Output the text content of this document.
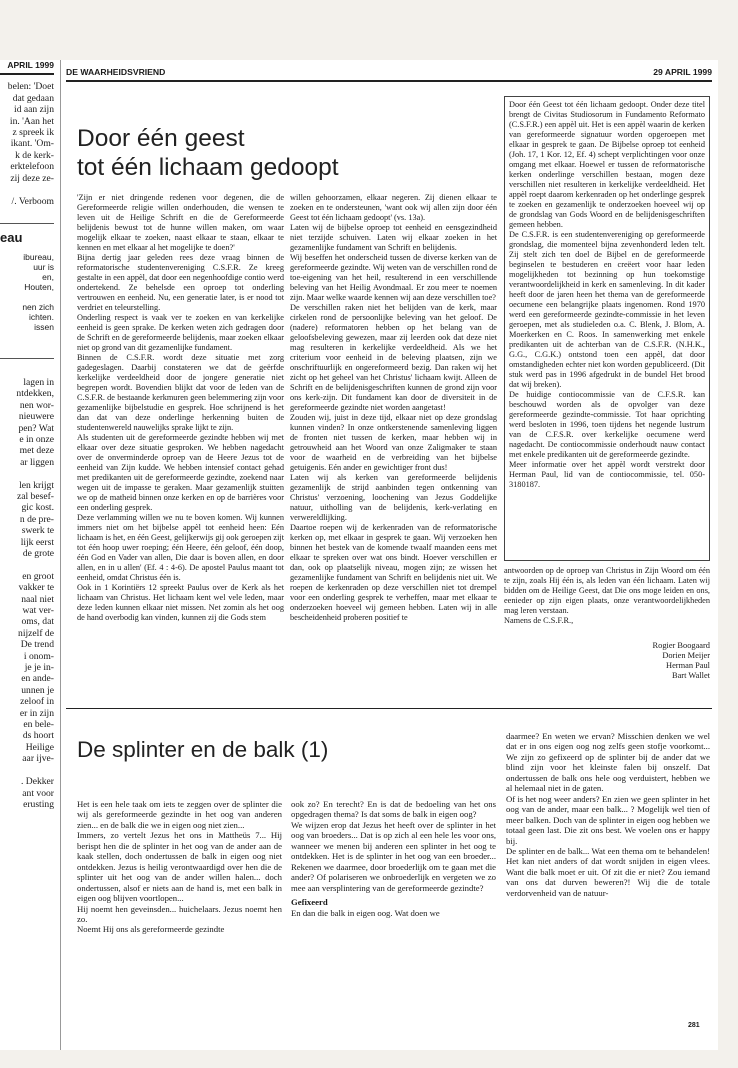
APRIL 1999
belen: 'Doet
dat gedaan
id aan zijn
in. 'Aan het
z spreek ik
ikant. 'Om-
k de kerk-
erktelefoon
zij deze ze-
/. Verboom
eau
ibureau,
uur is
en,
Houten,

nen zich
ichten.
issen
lagen in
ntdekken,
nen wor-
nieuwere
pen? Wat
e in onze
met deze
ar liggen

len krijgt
zal besef-
gic kost.
n de pre-
swerk te
lijk eerst
de grote

en groot
vakker te
naal niet
wat ver-
oms, dat
nijzelf de
De trend
i onom-
je je in-
en ande-
unnen je
zeloof in
er in zijn
en bele-
ds hoort
Heilige
aar ijve-

. Dekker
ant voor
erusting
DE WAARHEIDSVRIEND	29 APRIL 1999
Door één geest
tot één lichaam gedoopt

'Zijn er niet dringende redenen voor degenen, die de Gereformeerde religie willen onderhouden, die wensen te leven uit de Heilige Schrift en die de Gereformeerde belijdenis bewust tot de hunne willen maken, om waar mogelijk elkaar te zoeken, naast elkaar te staan, elkaar te kennen en met elkaar al het mogelijke te doen?'

Bijna dertig jaar geleden rees deze vraag binnen de reformatorische studentenvereniging C.S.F.R. Ze kreeg gestalte in een appèl, dat door een negenhoofdige contio werd ondertekend. Ze behelsde een oproep tot onderling vertrouwen en eenheid. Nu, een generatie later, is er nood tot verdriet en teleurstelling.

Onderling respect is vaak ver te zoeken en van kerkelijke eenheid is geen sprake. De kerken weten zich gedragen door de Schrift en de gereformeerde belijdenis, maar zoeken elkaar niet op grond van dit gezamenlijke fundament.

Binnen de C.S.F.R. wordt deze situatie met zorg gadegeslagen. Daarbij constateren we dat de geërfde kerkelijke verdeeldheid door de jongere generatie niet begrepen wordt. Bovendien blijkt dat voor de leden van de C.S.F.R. de bestaande kerkmuren geen belemmering zijn voor gezamenlijke bijbelstudie en gesprek. Hoe schrijnend is het dan dat van deze onderlinge herkenning buiten de studentenwereld nauwelijks sprake lijkt te zijn.

Als studenten uit de gereformeerde gezindte hebben wij met elkaar over deze situatie gesproken. We hebben nagedacht over de onverminderde oproep van de Heere Jezus tot de eenheid van Zijn kudde. We hebben intensief contact gehad met predikanten uit de gereformeerde gezindte, zoekend naar wegen uit de impasse te geraken. Maar gezamenlijk stuitten we op de matheid binnen onze kerken en op de barrières voor een onderling gesprek.

Deze verlamming willen we nu te boven komen. Wij kunnen immers niet om het bijbelse appèl tot eenheid heen: Eén lichaam is het, en één Geest, gelijkerwijs gij ook geroepen zijt tot één hoop uwer roeping; één Heere, één geloof, één doop, één God en Vader van allen, Die daar is boven allen, en door allen, en in u allen' (Ef. 4 : 4-6). De apostel Paulus maant tot eenheid, omdat Christus één is.

Ook in 1 Korintiërs 12 spreekt Paulus over de Kerk als het lichaam van Christus. Het lichaam kent wel vele leden, maar deze leden kunnen elkaar niet missen. Net zomin als het oog de hand overbodig kan vinden, kunnen zij die Gods stem

willen gehoorzamen, elkaar negeren. Zij dienen elkaar te zoeken en te ondersteunen, 'want ook wij allen zijn door één Geest tot één lichaam gedoopt' (vs. 13a).

Laten wij de bijbelse oproep tot eenheid en eensgezindheid niet terzijde schuiven. Laten wij elkaar zoeken in het gezamenlijke fundament van Schrift en belijdenis.

Wij beseffen het onderscheid tussen de diverse kerken van de gereformeerde gezindte. Wij weten van de verschillen rond de toe-eigening van het heil, resulterend in een verschillende beleving van het Heilig Avondmaal. Er zou meer te noemen zijn. Maar welke waarde kennen wij aan deze verschillen toe?

De verschillen raken niet het belijden van de kerk, maar cirkelen rond de persoonlijke beleving van het geloof. De (nadere) reformatoren hebben op het belang van de geloofsbeleving gewezen, maar zij leerden ook dat deze niet mag resulteren in kerkelijke verdeeldheid. Als we het criterium voor eenheid in de beleving plaatsen, zijn we onschriftuurlijk en ongereformeerd bezig. Dan raken wij het zicht op het geheel van het Christus' lichaam kwijt. Alleen de Schrift en de belijdenisgeschriften kunnen de grond zijn voor ons kerk-zijn. Dit fundament kan door de diversiteit in de gereformeerde gezindte niet worden aangetast!

Zouden wij, juist in deze tijd, elkaar niet op deze grondslag kunnen vinden? In onze ontkerstenende samenleving liggen de fronten niet tussen de kerken, maar hebben wij in getrouwheid aan het Woord van onze Zaligmaker te staan voor de waarheid en de verbreiding van het bijbelse getuigenis. Eén ander en gewichtiger front dus!

Laten wij als kerken van gereformeerde belijdenis gezamenlijk de strijd aanbinden tegen ontkenning van Christus' verzoening, loochening van Jezus Goddelijke natuur, uitholling van de belijdenis, kerk-verlating en verwereldlijking.

Daartoe roepen wij de kerkenraden van de reformatorische kerken op, met elkaar in gesprek te gaan. Wij verzoeken hen binnen het bestek van de komende twaalf maanden eens met elkaar te spreken over wat ons bindt. Hoever verschillen er dan, ook op plaatselijk niveau, mogen zijn; ze wissen het gezamenlijke fundament van Schrift en belijdenis niet uit. We roepen de kerkenraden op deze verschillen niet tot drempel voor een onderling gesprek te verheffen, maar met elkaar te onderzoeken hoeveel wij gemeen hebben. Laten wij in alle bescheidenheid proberen positief te

Door één Geest tot één lichaam gedoopt. Onder deze titel brengt de Civitas Studiosorum in Fundamento Reformato (C.S.F.R.) een appèl uit. Het is een appèl waarin de kerken van gereformeerde signatuur worden opgeroepen met elkaar in gesprek te gaan. De Bijbelse oproep tot eenheid (Joh. 17, 1 Kor. 12, Ef. 4) schept verplichtingen voor onze omgang met elkaar. Hoewel er tussen de reformatorische kerken onderlinge verschillen bestaan, mogen deze verschillen niet resulteren in kerkelijke verdeeldheid. Het appèl roept daarom kerkenraden op het onderlinge gesprek te zoeken en gezamenlijk te onderzoeken hoeveel wij op de grondslag van Gods Woord en de belijdenisgeschriften gemeen hebben.

De C.S.F.R. is een studentenvereniging op gereformeerde grondslag, die momenteel bijna zevenhonderd leden telt. Zij stelt zich ten doel de Bijbel en de gereformeerde beginselen te bestuderen en creëert voor haar leden mogelijkheden tot bezinning op hun toekomstige verantwoordelijkheid in kerk en samenleving. In dit kader heeft door de jaren heen het thema van de gereformeerde oecumene een belangrijke plaats ingenomen. Rond 1970 werd een gereformeerde gezindte-commissie in het leven geroepen, met als studieleden o.a. C. Blenk, J. Blom, A. Moerkerken en C. Roos. In samenwerking met enkele predikanten uit de achterban van de C.S.F.R. (N.H.K., G.G., C.G.K.) ontstond toen een appèl, dat door omstandigheden echter niet kon worden gepubliceerd. (Dit stuk werd pas in 1996 afgedrukt in de bundel Het brood dat wij breken).

De huidige contiocommissie van de C.F.S.R. kan beschouwd worden als de opvolger van deze gereformeerde gezindte-commissie. Tot haar oprichting werd besloten in 1996, toen tijdens het negende lustrum van de C.F.S.R. over kerkelijke oecumene werd nagedacht. De contiocommissie onderhoudt nauw contact met enkele predikanten uit de gereformeerde gezindte.

Meer informatie over het appèl wordt verstrekt door Herman Paul, lid van de contiocommissie, tel. 050-3180187.

antwoorden op de oproep van Christus in Zijn Woord om één te zijn, zoals Hij één is, als leden van één lichaam. Laten wij bidden om de Heilige Geest, dat Die ons moge leiden en ons, eenieder op zijn eigen plaats, onze verantwoordelijkheden mag leren verstaan.

Namens de C.S.F.R.,

Rogier Boogaard
Dorien Meijer
Herman Paul
Bart Wallet
De splinter en de balk (1)

Het is een hele taak om iets te zeggen over de splinter die wij als gereformeerde gezindte in het oog van anderen zien... en de balk die we in eigen oog niet zien...

Immers, zo vertelt Jezus het ons in Mattheüs 7... Hij berispt hen die de splinter in het oog van de ander aan de kaak stellen, doch ondertussen de balk in eigen oog niet ontdekken. Jezus is heilig verontwaardigd over hen die de splinter uit het oog van de ander willen halen... doch ondertussen, alsof er niets aan de hand is, met een balk in eigen oog blijven voortlopen...

Hij noemt hen geveinsden... huichelaars. Jezus noemt hen zo.

Noemt Hij ons als gereformeerde gezindte

ook zo? En terecht? En is dat de bedoeling van het ons opgedragen thema? Is dat soms de balk in eigen oog?

We wijzen erop dat Jezus het heeft over de splinter in het oog van broeders... Dat is op zich al een hele les voor ons, wanneer we menen bij anderen een splinter in het oog te ontdekken. Het is de splinter in het oog van een broeder... Rekenen we daarmee, door broederlijk om te gaan met die ander? Of polariseren we onbroederlijk en vergeten we zo mee aan versplintering van de gereformeerde gezindte?

Gefixeerd

En dan die balk in eigen oog. Wat doen we

daarmee? En weten we ervan? Misschien denken we wel dat er in ons eigen oog nog zelfs geen stofje voorkomt... We zijn zo gefixeerd op de splinter bij de ander dat we blind zijn voor het kleinste falen bij onszelf. Dat ondertussen de balk ons hele oog verduistert, hebben we al helemaal niet in de gaten.

Of is het nog weer anders? En zien we geen splinter in het oog van de ander, maar een balk... ? Mogelijk wel tien of meer balken. Doch van de splinter in eigen oog hebben we totaal geen last. Die zit ons best. We voelen ons er happy bij.

De splinter en de balk... Wat een thema om te behandelen! Het kan niet anders of dat wordt snijden in eigen vlees. Want die balk moet er uit. Of zit die er niet? Zou iemand van ons dat durven beweren?! Wij die de totale verdorvenheid van de natuur-

281
